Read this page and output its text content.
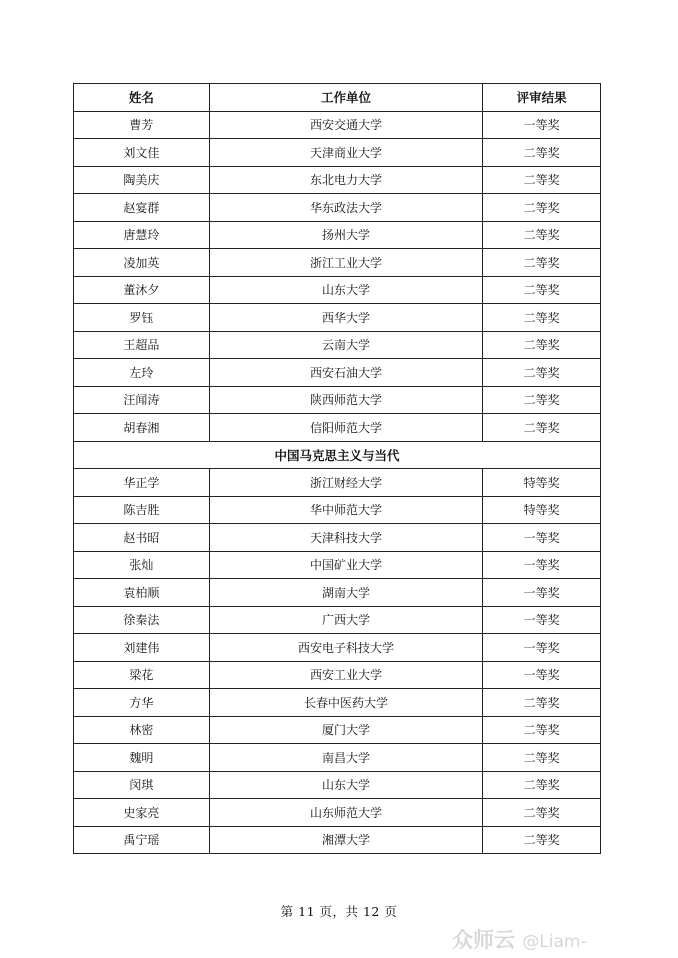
姓名	工作单位	评审结果
曹芳	西安交通大学	一等奖
刘文佳	天津商业大学	二等奖
陶美庆	东北电力大学	二等奖
赵宴群	华东政法大学	二等奖
唐慧玲	扬州大学	二等奖
凌加英	浙江工业大学	二等奖
董沐夕	山东大学	二等奖
罗钰	西华大学	二等奖
王超品	云南大学	二等奖
左玲	西安石油大学	二等奖
汪闻涛	陕西师范大学	二等奖
胡春湘	信阳师范大学	二等奖
中国马克思主义与当代		
华正学	浙江财经大学	特等奖
陈吉胜	华中师范大学	特等奖
赵书昭	天津科技大学	一等奖
张灿	中国矿业大学	一等奖
袁柏顺	湖南大学	一等奖
徐秦法	广西大学	一等奖
刘建伟	西安电子科技大学	一等奖
梁花	西安工业大学	一等奖
方华	长春中医药大学	二等奖
林密	厦门大学	二等奖
魏明	南昌大学	二等奖
闵琪	山东大学	二等奖
史家亮	山东师范大学	二等奖
禹宁瑶	湘潭大学	二等奖
第 11 页，共 12 页
众师云 @Liam-
